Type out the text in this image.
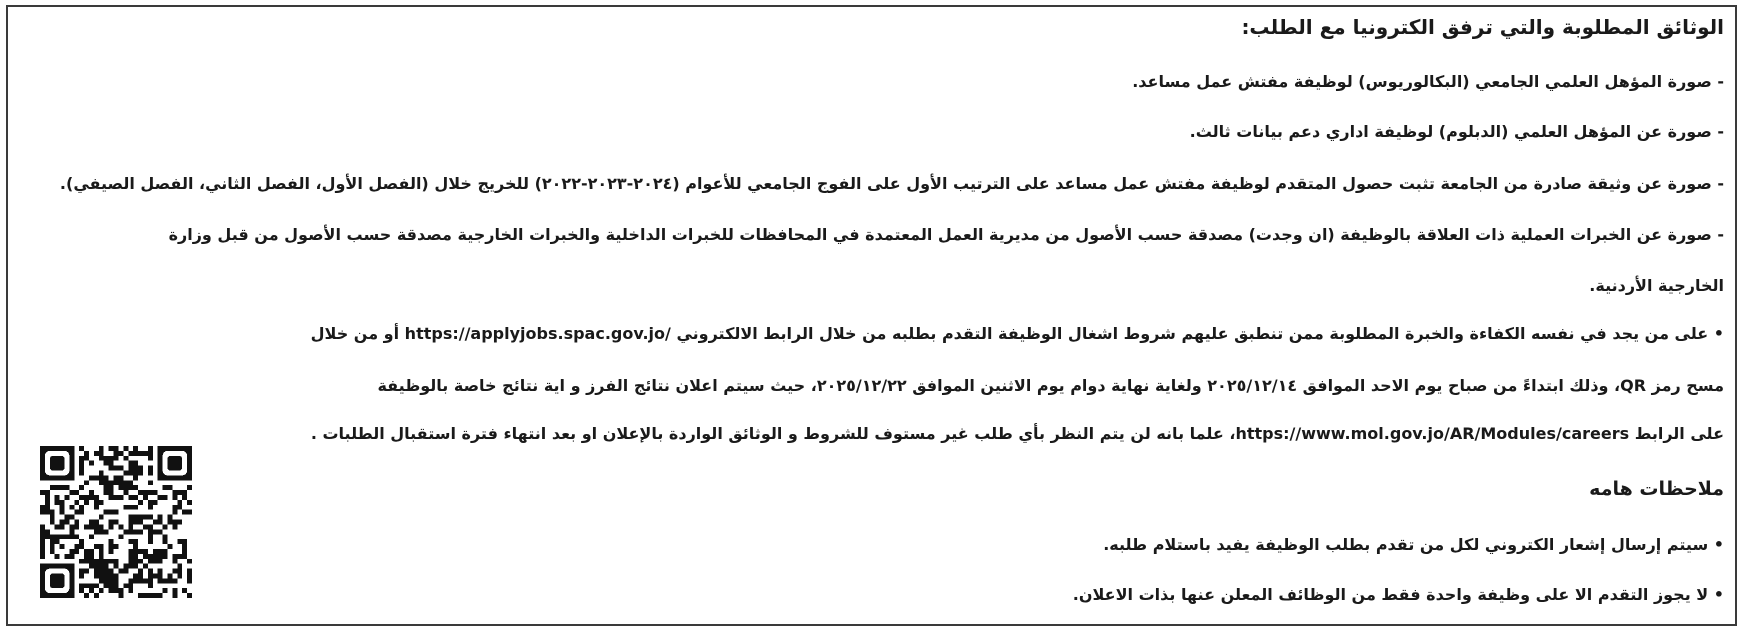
الوثائق المطلوبة والتي ترفق الكترونيا مع الطلب:
- صورة المؤهل العلمي الجامعي (البكالوريوس) لوظيفة مفتش عمل مساعد.
- صورة عن المؤهل العلمي (الدبلوم) لوظيفة اداري دعم بيانات ثالث.
- صورة عن وثيقة صادرة من الجامعة تثبت حصول المتقدم لوظيفة مفتش عمل مساعد على الترتيب الأول على الفوج الجامعي للأعوام (٢٠٢٤-٢٠٢٣-٢٠٢٢) للخريج خلال (الفصل الأول، الفصل الثاني، الفصل الصيفي).
- صورة عن الخبرات العملية ذات العلاقة بالوظيفة (ان وجدت) مصدقة حسب الأصول من مديرية العمل المعتمدة في المحافظات للخبرات الداخلية والخبرات الخارجية مصدقة حسب الأصول من قبل وزارة
الخارجية الأردنية.
• على من يجد في نفسه الكفاءة والخبرة المطلوبة ممن تنطبق عليهم شروط اشغال الوظيفة التقدم بطلبه من خلال الرابط الالكتروني https://applyjobs.spac.gov.jo/ أو من خلال
مسح رمز QR، وذلك ابتداءً من صباح يوم الاحد الموافق ٢٠٢٥/١٢/١٤ ولغاية نهاية دوام يوم الاثنين الموافق ٢٠٢٥/١٢/٢٢، حيث سيتم اعلان نتائج الفرز و اية نتائج خاصة بالوظيفة
على الرابط https://www.mol.gov.jo/AR/Modules/careers، علما بانه لن يتم النظر بأي طلب غير مستوف للشروط و الوثائق الواردة بالإعلان او بعد انتهاء فترة استقبال الطلبات .
ملاحظات هامه
• سيتم إرسال إشعار الكتروني لكل من تقدم بطلب الوظيفة يفيد باستلام طلبه.
• لا يجوز التقدم الا على وظيفة واحدة فقط من الوظائف المعلن عنها بذات الاعلان.
